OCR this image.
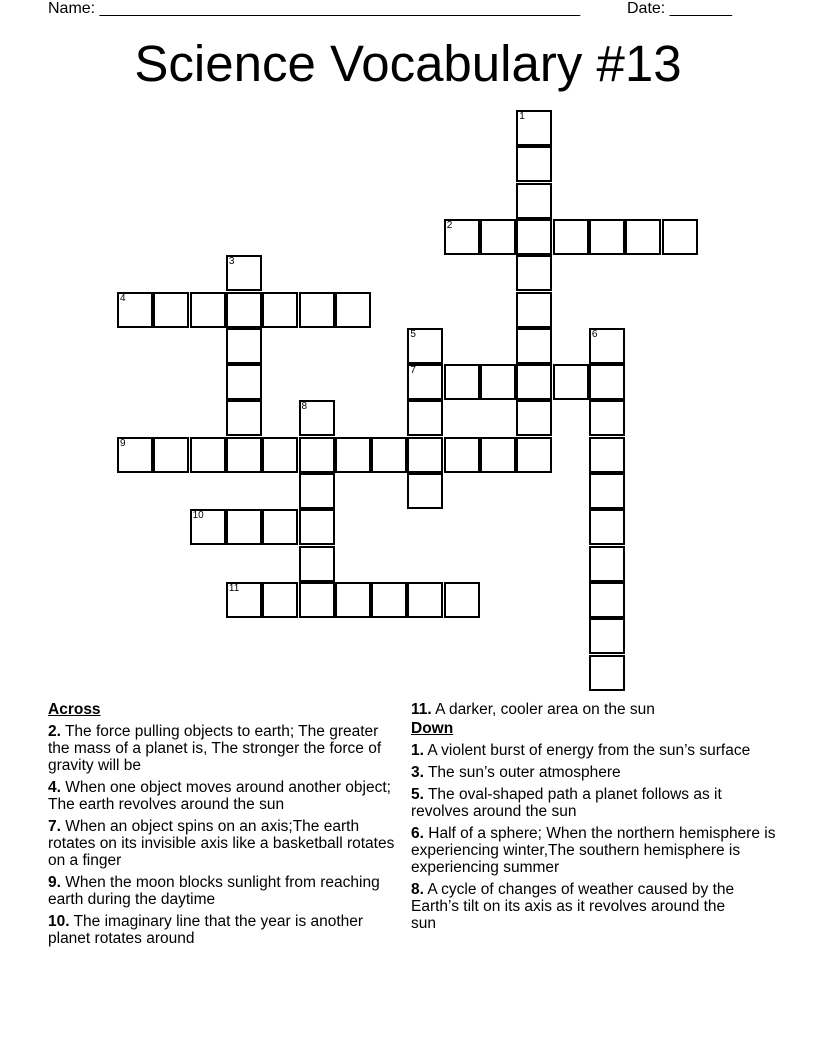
Name: ______________________________________________________	Date: _______
Science Vocabulary #13
1
2
3
4
5
7
6
8
9
10
11
Across
2. The force pulling objects to earth; The greater the mass of a planet is, The stronger the force of gravity will be
4. When one object moves around another object; The earth revolves around the sun
7. When an object spins on an axis;The earth rotates on its invisible axis like a basketball rotates on a finger
9. When the moon blocks sunlight from reaching earth during the daytime
10. The imaginary line that the year is another planet rotates around
11. A darker, cooler area on the sun
Down
1. A violent burst of energy from the sun’s surface
3. The sun’s outer atmosphere
5. The oval-shaped path a planet follows as it revolves around the sun
6. Half of a sphere; When the northern hemisphere is experiencing winter,The southern hemisphere is experiencing summer
8. A cycle of changes of weather caused by the Earth’s tilt on its axis as it revolves around the sun
